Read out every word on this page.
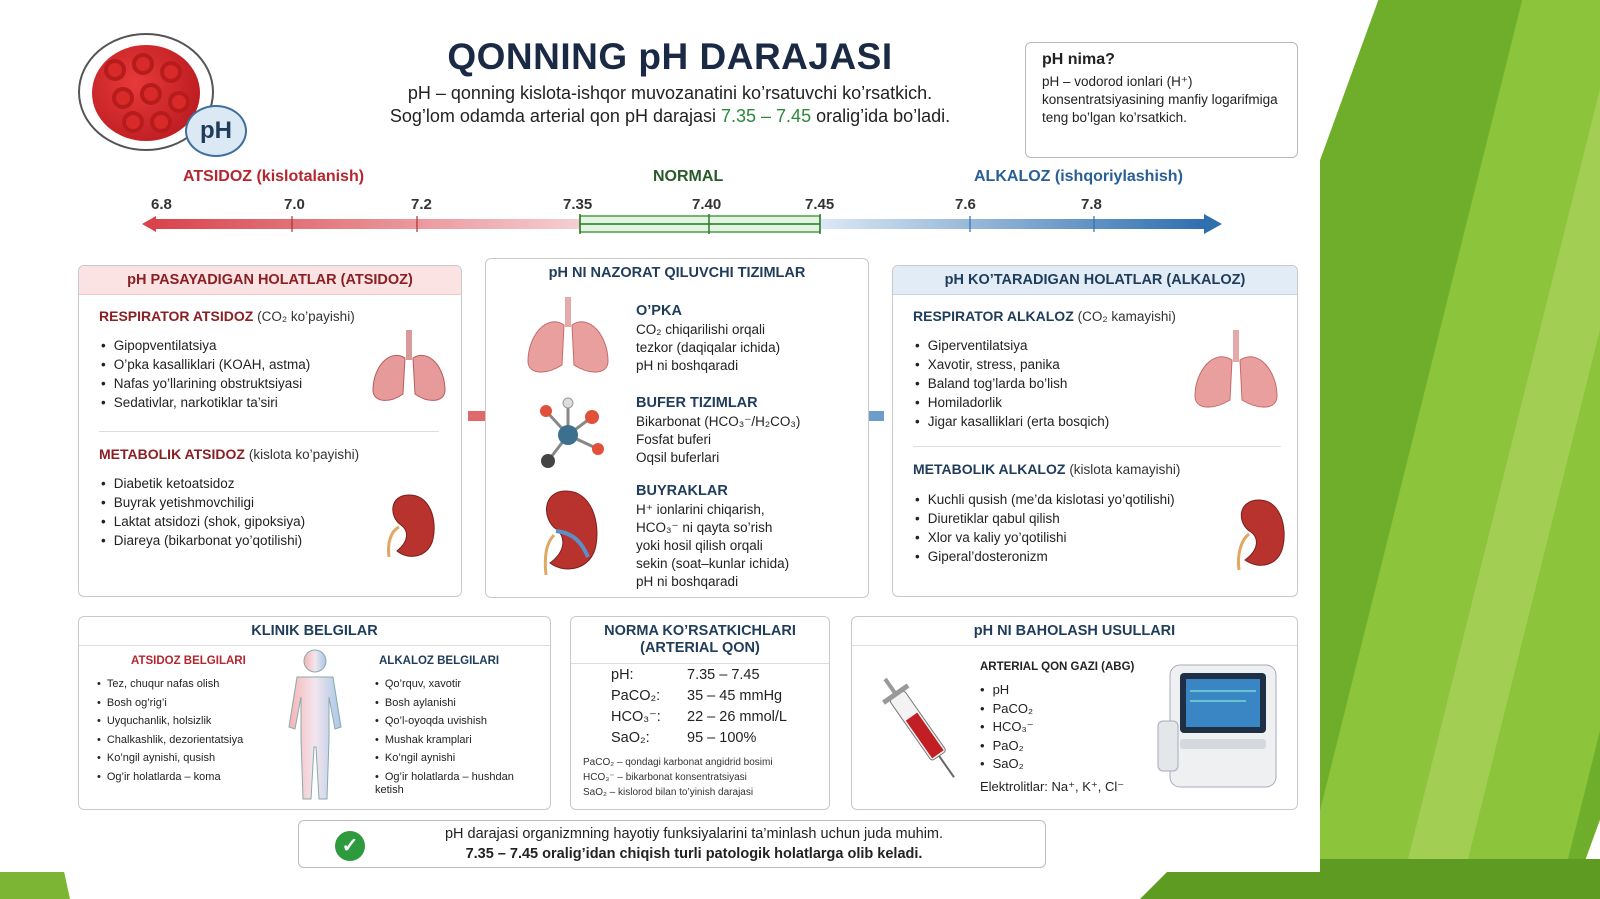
pH
QONNING pH DARAJASI
pH – qonning kislota-ishqor muvozanatini ko’rsatuvchi ko’rsatkich.
Sog’lom odamda arterial qon pH darajasi 7.35 – 7.45 oralig’ida bo’ladi.
pH nima?
pH – vodorod ionlari (H⁺) konsentratsiyasining manfiy logarifmiga teng bo’lgan ko’rsatkich.
ATSIDOZ (kislotalanish)	NORMAL	ALKALOZ (ishqoriylashish)
6.8	7.0	7.2	7.35	7.40	7.45	7.6	7.8
pH PASAYADIGAN HOLATLAR (ATSIDOZ)
RESPIRATOR ATSIDOZ (CO₂ ko’payishi)
• Gipopventilatsiya
• O’pka kasalliklari (KOAH, astma)
• Nafas yo’llarining obstruktsiyasi
• Sedativlar, narkotiklar ta’siri
METABOLIK ATSIDOZ (kislota ko’payishi)
• Diabetik ketoatsidoz
• Buyrak yetishmovchiligi
• Laktat atsidozi (shok, gipoksiya)
• Diareya (bikarbonat yo’qotilishi)
pH NI NAZORAT QILUVCHI TIZIMLAR
O’PKA
CO₂ chiqarilishi orqali
tezkor (daqiqalar ichida)
pH ni boshqaradi
BUFER TIZIMLAR
Bikarbonat (HCO₃⁻/H₂CO₃)
Fosfat buferi
Oqsil buferlari
BUYRAKLAR
H⁺ ionlarini chiqarish,
HCO₃⁻ ni qayta so’rish
yoki hosil qilish orqali
sekin (soat–kunlar ichida)
pH ni boshqaradi
pH KO’TARADIGAN HOLATLAR (ALKALOZ)
RESPIRATOR ALKALOZ (CO₂ kamayishi)
• Giperventilatsiya
• Xavotir, stress, panika
• Baland tog’larda bo’lish
• Homiladorlik
• Jigar kasalliklari (erta bosqich)
METABOLIK ALKALOZ (kislota kamayishi)
• Kuchli qusish (me’da kislotasi yo’qotilishi)
• Diuretiklar qabul qilish
• Xlor va kaliy yo’qotilishi
• Giperal’dosteronizm
KLINIK BELGILAR
ATSIDOZ BELGILARI
• Tez, chuqur nafas olish
• Bosh og’rig’i
• Uyquchanlik, holsizlik
• Chalkashlik, dezorientatsiya
• Ko’ngil aynishi, qusish
• Og’ir holatlarda – koma
ALKALOZ BELGILARI
• Qo’rquv, xavotir
• Bosh aylanishi
• Qo’l-oyoqda uvishish
• Mushak kramplari
• Ko’ngil aynishi
• Og’ir holatlarda – hushdan ketish
NORMA KO’RSATKICHLARI
(ARTERIAL QON)
pH:	7.35 – 7.45
PaCO₂: 35 – 45 mmHg
HCO₃⁻: 22 – 26 mmol/L
SaO₂:	95 – 100%
PaCO₂ – qondagi karbonat angidrid bosimi
HCO₃⁻ – bikarbonat konsentratsiyasi
SaO₂ – kislorod bilan to’yinish darajasi
pH NI BAHOLASH USULLARI
ARTERIAL QON GAZI (ABG)
• pH
• PaCO₂
• HCO₃⁻
• PaO₂
• SaO₂
Elektrolitlar: Na⁺, K⁺, Cl⁻
✓
pH darajasi organizmning hayotiy funksiyalarini ta’minlash uchun juda muhim.
7.35 – 7.45 oralig’idan chiqish turli patologik holatlarga olib keladi.
